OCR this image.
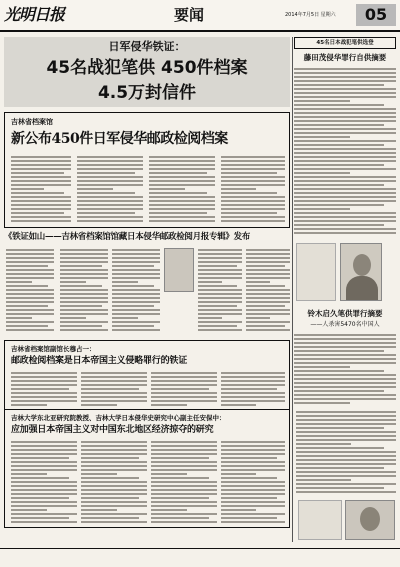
光明日报	要闻	2014年7月5日 星期六	05
日军侵华铁证：
45名战犯笔供 450件档案
4.5万封信件
45名日本战犯笔供选登
藤田茂侵华罪行自供摘要
铃木启久笔供罪行摘要
——人杀害5470名中国人
吉林省档案馆
新公布450件日军侵华邮政检阅档案
《铁证如山——吉林省档案馆馆藏日本侵华邮政检阅月报专辑》发布
吉林省档案馆副馆长穆占一：
邮政检阅档案是日本帝国主义侵略罪行的铁证
吉林大学东北亚研究院教授、吉林大学日本侵华史研究中心副主任安保中：
应加强日本帝国主义对中国东北地区经济掠夺的研究
